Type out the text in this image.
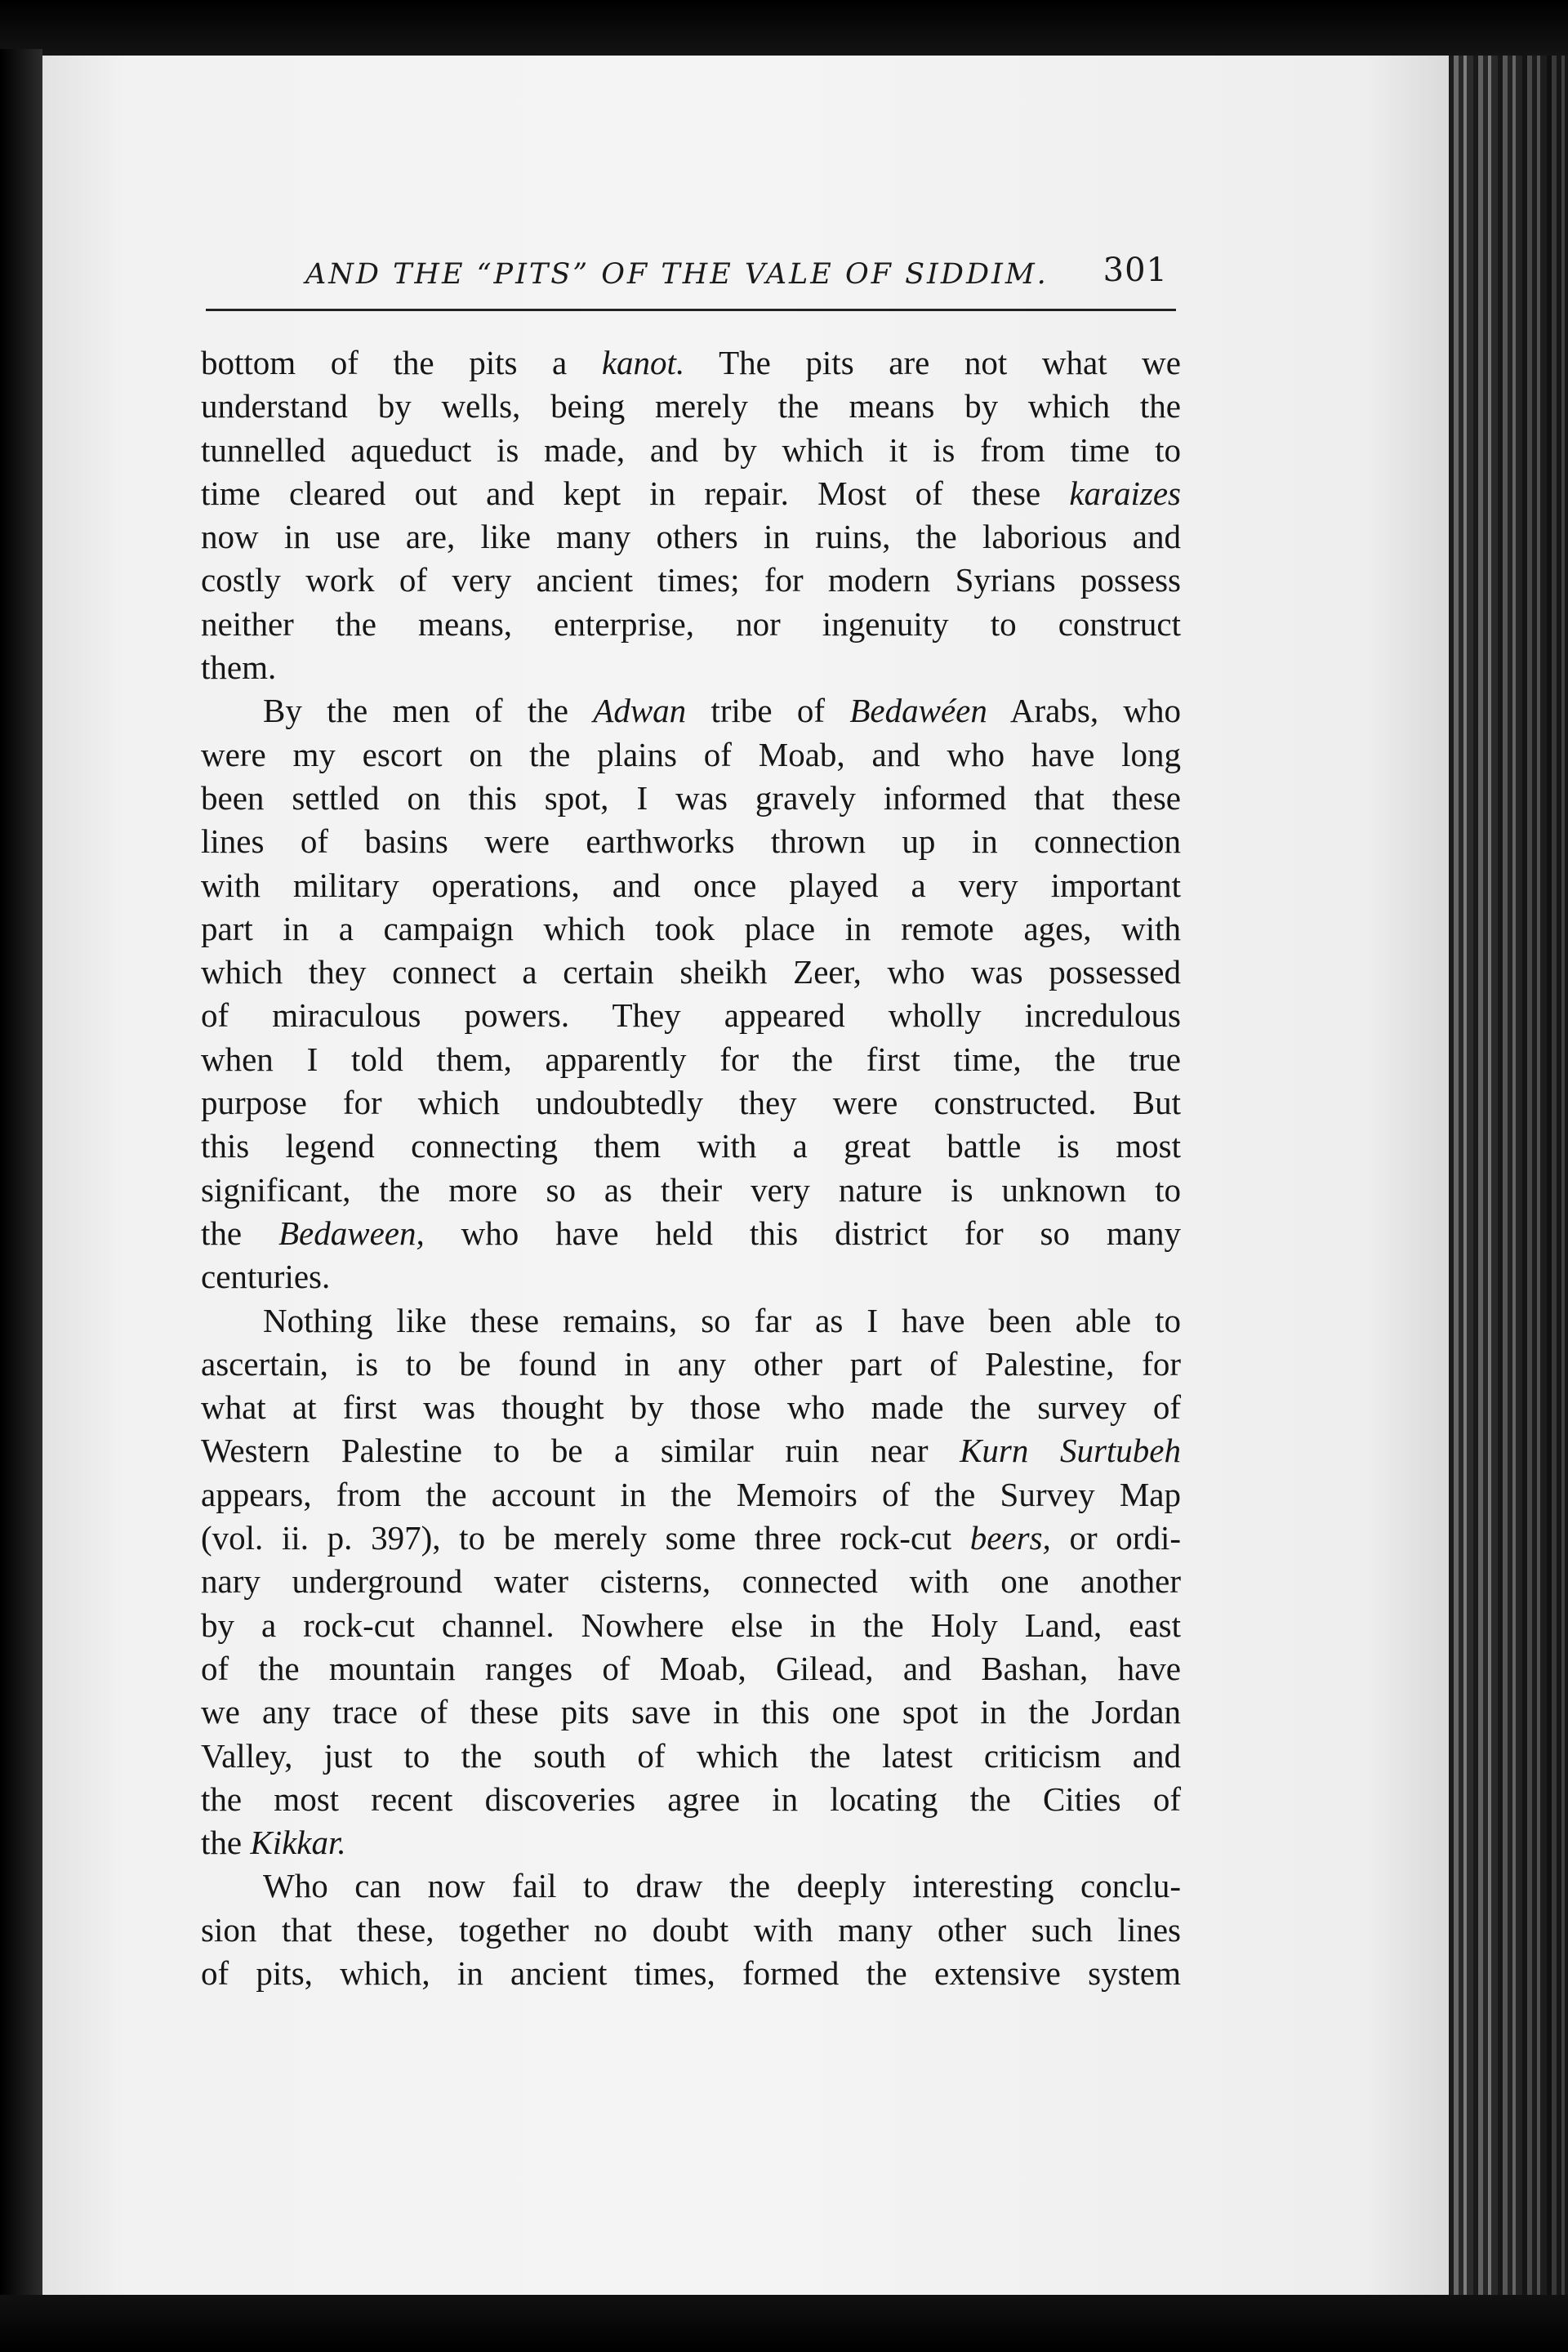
AND THE “PITS” OF THE VALE OF SIDDIM. 301
bottom of the pits a kanot. The pits are not what we
understand by wells, being merely the means by which the
tunnelled aqueduct is made, and by which it is from time to
time cleared out and kept in repair. Most of these karaizes
now in use are, like many others in ruins, the laborious and
costly work of very ancient times; for modern Syrians possess
neither the means, enterprise, nor ingenuity to construct
them.
By the men of the Adwan tribe of Bedawéen Arabs, who
were my escort on the plains of Moab, and who have long
been settled on this spot, I was gravely informed that these
lines of basins were earthworks thrown up in connection
with military operations, and once played a very important
part in a campaign which took place in remote ages, with
which they connect a certain sheikh Zeer, who was possessed
of miraculous powers. They appeared wholly incredulous
when I told them, apparently for the first time, the true
purpose for which undoubtedly they were constructed. But
this legend connecting them with a great battle is most
significant, the more so as their very nature is unknown to
the Bedaween, who have held this district for so many
centuries.
Nothing like these remains, so far as I have been able to
ascertain, is to be found in any other part of Palestine, for
what at first was thought by those who made the survey of
Western Palestine to be a similar ruin near Kurn Surtubeh
appears, from the account in the Memoirs of the Survey Map
(vol. ii. p. 397), to be merely some three rock-cut beers, or ordi-
nary underground water cisterns, connected with one another
by a rock-cut channel. Nowhere else in the Holy Land, east
of the mountain ranges of Moab, Gilead, and Bashan, have
we any trace of these pits save in this one spot in the Jordan
Valley, just to the south of which the latest criticism and
the most recent discoveries agree in locating the Cities of
the Kikkar.
Who can now fail to draw the deeply interesting conclu-
sion that these, together no doubt with many other such lines
of pits, which, in ancient times, formed the extensive system
